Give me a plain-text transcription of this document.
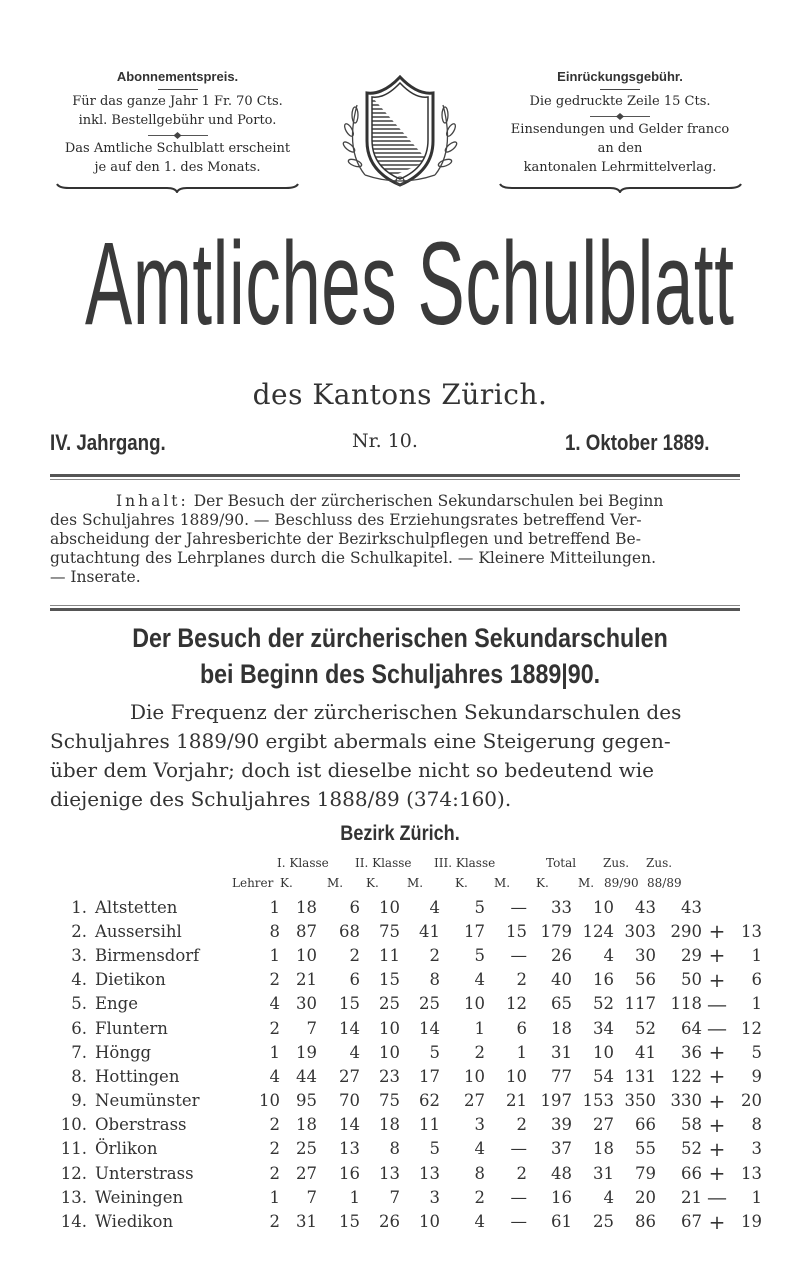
Abonnementspreis.
Für das ganze Jahr 1 Fr. 70 Cts.
inkl. Bestellgebühr und Porto.
Das Amtliche Schulblatt erscheint
je auf den 1. des Monats.
Einrückungsgebühr.
Die gedruckte Zeile 15 Cts.
Einsendungen und Gelder franco
an den
kantonalen Lehrmittelverlag.
Amtliches Schulblatt
des Kantons Zürich.
IV. Jahrgang.	Nr. 10.	1. Oktober 1889.
Inhalt: Der Besuch der zürcherischen Sekundarschulen bei Beginn
des Schuljahres 1889/90. — Beschluss des Erziehungsrates betreffend Ver-
abscheidung der Jahresberichte der Bezirkschulpflegen und betreffend Be-
gutachtung des Lehrplanes durch die Schulkapitel. — Kleinere Mitteilungen.
— Inserate.
Der Besuch der zürcherischen Sekundarschulen
bei Beginn des Schuljahres 1889|90.
Die Frequenz der zürcherischen Sekundarschulen des
Schuljahres 1889/90 ergibt abermals eine Steigerung gegen-
über dem Vorjahr; doch ist dieselbe nicht so bedeutend wie
diejenige des Schuljahres 1888/89 (374:160).
Bezirk Zürich.
I. Klasse II. Klasse III. Klasse	Total Zus. Zus.
Lehrer K.	M. K. M.	K. M. K. M. 89/90 88/89
1.	Altstetten	1	18	6	10	4	5	—	33	10	43	43		
2.	Aussersihl	8	87	68	75	41	17	15	179	124	303	290	+	13
3.	Birmensdorf	1	10	2	11	2	5	—	26	4	30	29	+	1
4.	Dietikon	2	21	6	15	8	4	2	40	16	56	50	+	6
5.	Enge	4	30	15	25	25	10	12	65	52	117	118	—	1
6.	Fluntern	2	7	14	10	14	1	6	18	34	52	64	—	12
7.	Höngg	1	19	4	10	5	2	1	31	10	41	36	+	5
8.	Hottingen	4	44	27	23	17	10	10	77	54	131	122	+	9
9.	Neumünster	10	95	70	75	62	27	21	197	153	350	330	+	20
10.	Oberstrass	2	18	14	18	11	3	2	39	27	66	58	+	8
11.	Örlikon	2	25	13	8	5	4	—	37	18	55	52	+	3
12.	Unterstrass	2	27	16	13	13	8	2	48	31	79	66	+	13
13.	Weiningen	1	7	1	7	3	2	—	16	4	20	21	—	1
14.	Wiedikon	2	31	15	26	10	4	—	61	25	86	67	+	19
